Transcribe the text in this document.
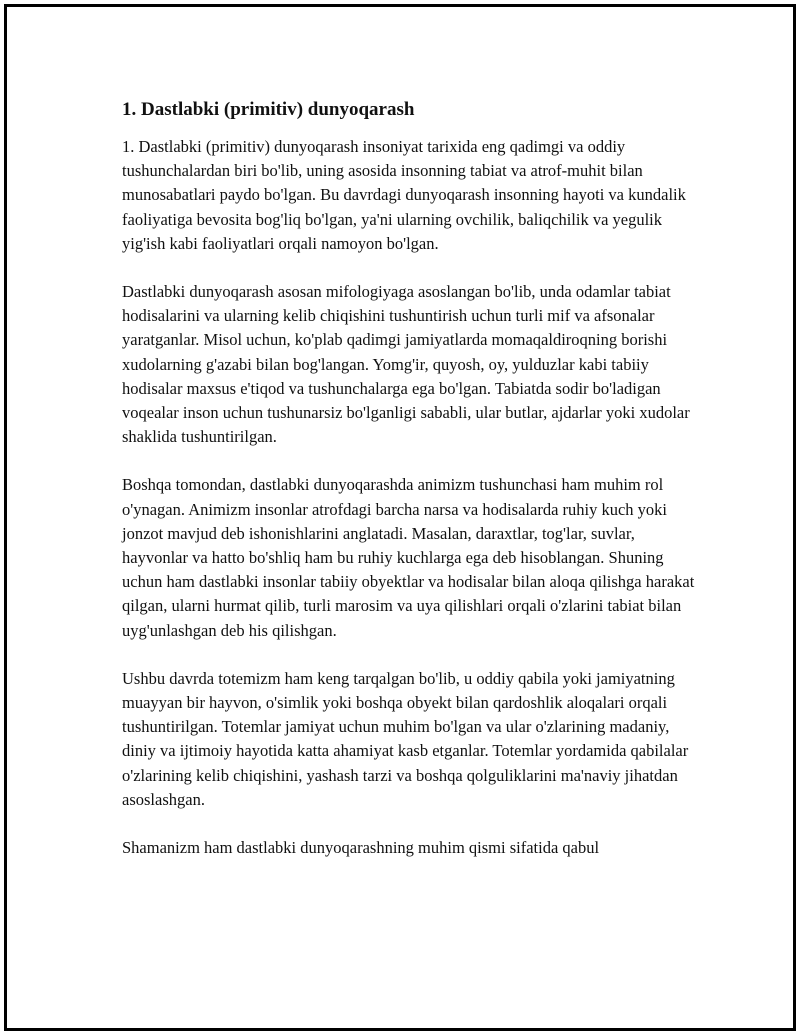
1. Dastlabki (primitiv) dunyoqarash

1. Dastlabki (primitiv) dunyoqarash insoniyat tarixida eng qadimgi va oddiy tushunchalardan biri bo'lib, uning asosida insonning tabiat va atrof-muhit bilan munosabatlari paydo bo'lgan. Bu davrdagi dunyoqarash insonning hayoti va kundalik faoliyatiga bevosita bog'liq bo'lgan, ya'ni ularning ovchilik, baliqchilik va yegulik yig'ish kabi faoliyatlari orqali namoyon bo'lgan.

Dastlabki dunyoqarash asosan mifologiyaga asoslangan bo'lib, unda odamlar tabiat hodisalarini va ularning kelib chiqishini tushuntirish uchun turli mif va afsonalar yaratganlar. Misol uchun, ko'plab qadimgi jamiyatlarda momaqaldiroqning borishi xudolarning g'azabi bilan bog'langan. Yomg'ir, quyosh, oy, yulduzlar kabi tabiiy hodisalar maxsus e'tiqod va tushunchalarga ega bo'lgan. Tabiatda sodir bo'ladigan voqealar inson uchun tushunarsiz bo'lganligi sababli, ular butlar, ajdarlar yoki xudolar shaklida tushuntirilgan.

Boshqa tomondan, dastlabki dunyoqarashda animizm tushunchasi ham muhim rol o'ynagan. Animizm insonlar atrofdagi barcha narsa va hodisalarda ruhiy kuch yoki jonzot mavjud deb ishonishlarini anglatadi. Masalan, daraxtlar, tog'lar, suvlar, hayvonlar va hatto bo'shliq ham bu ruhiy kuchlarga ega deb hisoblangan. Shuning uchun ham dastlabki insonlar tabiiy obyektlar va hodisalar bilan aloqa qilishga harakat qilgan, ularni hurmat qilib, turli marosim va uya qilishlari orqali o'zlarini tabiat bilan uyg'unlashgan deb his qilishgan.

Ushbu davrda totemizm ham keng tarqalgan bo'lib, u oddiy qabila yoki jamiyatning muayyan bir hayvon, o'simlik yoki boshqa obyekt bilan qardoshlik aloqalari orqali tushuntirilgan. Totemlar jamiyat uchun muhim bo'lgan va ular o'zlarining madaniy, diniy va ijtimoiy hayotida katta ahamiyat kasb etganlar. Totemlar yordamida qabilalar o'zlarining kelib chiqishini, yashash tarzi va boshqa qolguliklarini ma'naviy jihatdan asoslashgan.

Shamanizm ham dastlabki dunyoqarashning muhim qismi sifatida qabul
